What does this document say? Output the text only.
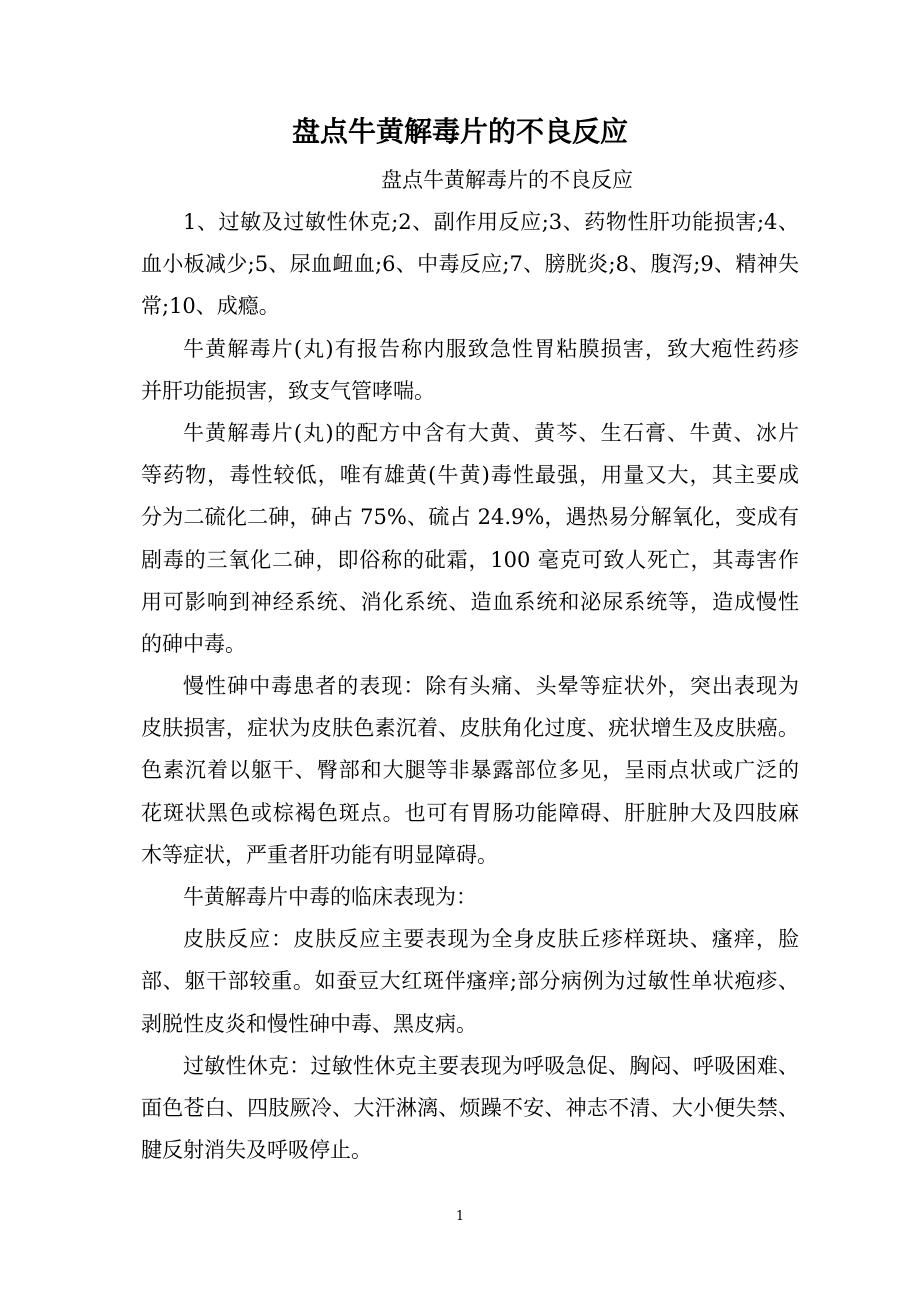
盘点牛黄解毒片的不良反应
盘点牛黄解毒片的不良反应
1、过敏及过敏性休克;2、副作用反应;3、药物性肝功能损害;4、
血小板减少;5、尿血衄血;6、中毒反应;7、膀胱炎;8、腹泻;9、精神失
常;10、成瘾。
牛黄解毒片(丸)有报告称内服致急性胃粘膜损害，致大疱性药疹
并肝功能损害，致支气管哮喘。
牛黄解毒片(丸)的配方中含有大黄、黄芩、生石膏、牛黄、冰片
等药物，毒性较低，唯有雄黄(牛黄)毒性最强，用量又大，其主要成
分为二硫化二砷，砷占 75%、硫占 24.9%，遇热易分解氧化，变成有
剧毒的三氧化二砷，即俗称的砒霜，100 毫克可致人死亡，其毒害作
用可影响到神经系统、消化系统、造血系统和泌尿系统等，造成慢性
的砷中毒。
慢性砷中毒患者的表现：除有头痛、头晕等症状外，突出表现为
皮肤损害，症状为皮肤色素沉着、皮肤角化过度、疣状增生及皮肤癌。
色素沉着以躯干、臀部和大腿等非暴露部位多见，呈雨点状或广泛的
花斑状黑色或棕褐色斑点。也可有胃肠功能障碍、肝脏肿大及四肢麻
木等症状，严重者肝功能有明显障碍。
牛黄解毒片中毒的临床表现为：
皮肤反应：皮肤反应主要表现为全身皮肤丘疹样斑块、瘙痒，脸
部、躯干部较重。如蚕豆大红斑伴瘙痒;部分病例为过敏性单状疱疹、
剥脱性皮炎和慢性砷中毒、黑皮病。
过敏性休克：过敏性休克主要表现为呼吸急促、胸闷、呼吸困难、
面色苍白、四肢厥冷、大汗淋漓、烦躁不安、神志不清、大小便失禁、
腱反射消失及呼吸停止。
1
